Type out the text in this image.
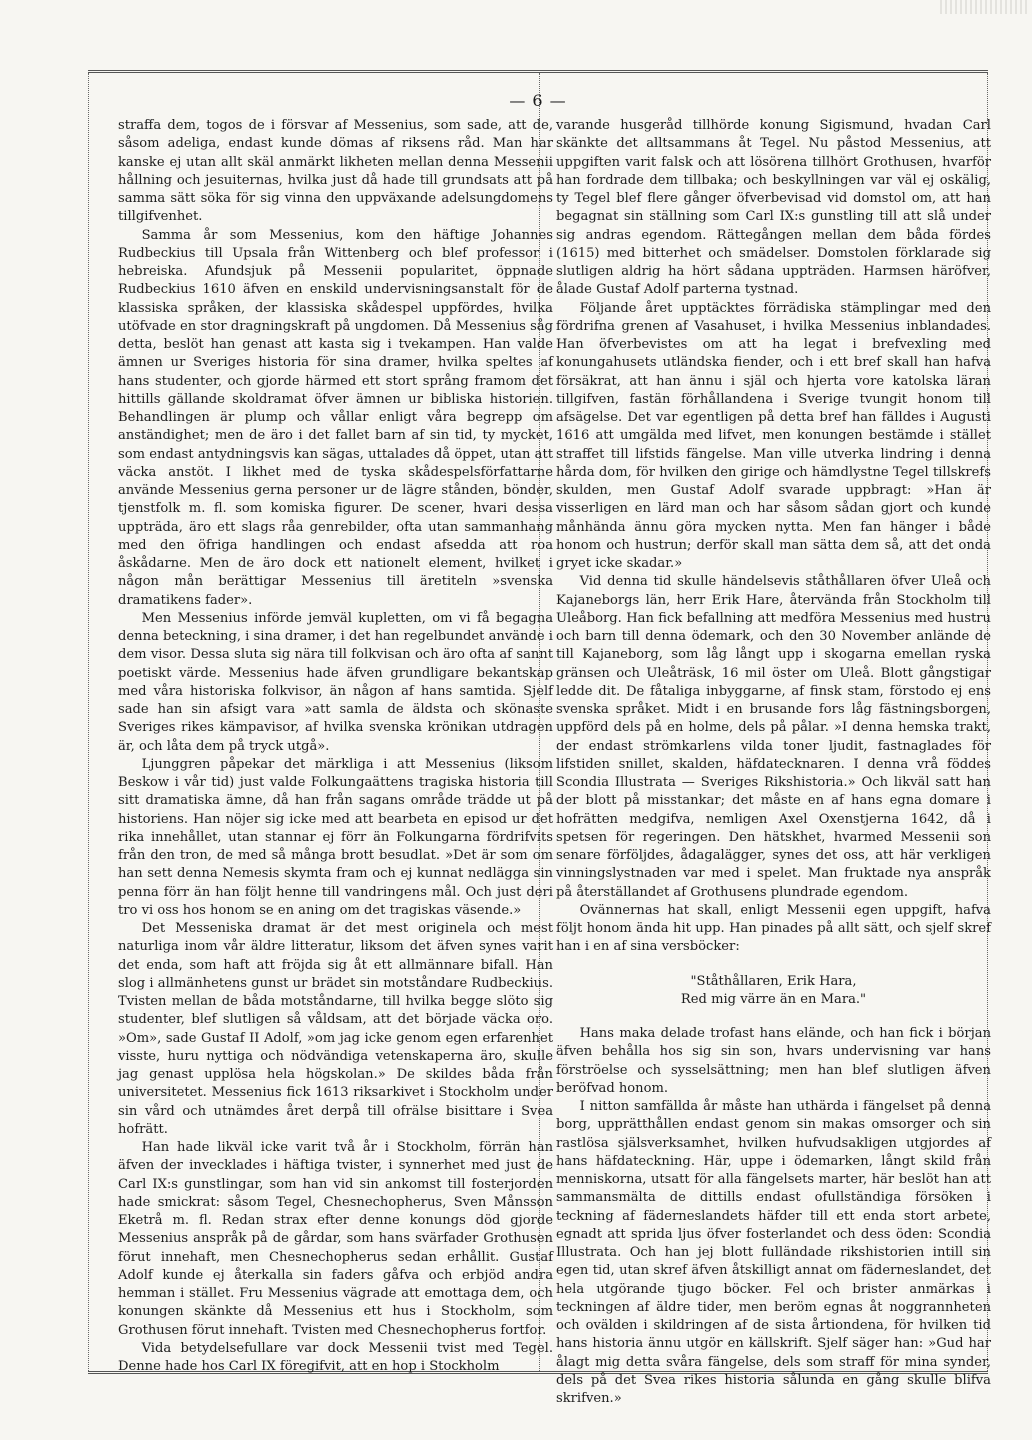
— 6 —

straffa dem, togos de i försvar af Messenius, som sade, att de, såsom adeliga, endast kunde dömas af riksens råd. Man har kanske ej utan allt skäl anmärkt likheten mellan denna Messenii hållning och jesuiternas, hvilka just då hade till grundsats att på samma sätt söka för sig vinna den uppväxande adelsungdomens tillgifvenhet.

Samma år som Messenius, kom den häftige Johannes Rudbeckius till Upsala från Wittenberg och blef professor i hebreiska. Afundsjuk på Messenii popularitet, öppnade Rudbeckius 1610 äfven en enskild undervisningsanstalt för de klassiska språken, der klassiska skådespel uppfördes, hvilka utöfvade en stor dragningskraft på ungdomen. Då Messenius såg detta, beslöt han genast att kasta sig i tvekampen. Han valde ämnen ur Sveriges historia för sina dramer, hvilka speltes af hans studenter, och gjorde härmed ett stort språng framom det hittills gällande skoldramat öfver ämnen ur bibliska historien. Behandlingen är plump och vållar enligt våra begrepp om anständighet; men de äro i det fallet barn af sin tid, ty mycket, som endast antydningsvis kan sägas, uttalades då öppet, utan att väcka anstöt. I likhet med de tyska skådespelsförfattarne använde Messenius gerna personer ur de lägre stånden, bönder, tjenstfolk m. fl. som komiska figurer. De scener, hvari dessa uppträda, äro ett slags råa genrebilder, ofta utan sammanhang med den öfriga handlingen och endast afsedda att roa åskådarne. Men de äro dock ett nationelt element, hvilket i någon mån berättigar Messenius till äretiteln »svenska dramatikens fader».

Men Messenius införde jemväl kupletten, om vi få begagna denna beteckning, i sina dramer, i det han regelbundet använde i dem visor. Dessa sluta sig nära till folkvisan och äro ofta af sannt poetiskt värde. Messenius hade äfven grundligare bekantskap med våra historiska folkvisor, än någon af hans samtida. Sjelf sade han sin afsigt vara »att samla de äldsta och skönaste Sveriges rikes kämpavisor, af hvilka svenska krönikan utdragen är, och låta dem på tryck utgå».

Ljunggren påpekar det märkliga i att Messenius (liksom Beskow i vår tid) just valde Folkungaättens tragiska historia till sitt dramatiska ämne, då han från sagans område trädde ut på historiens. Han nöjer sig icke med att bearbeta en episod ur det rika innehållet, utan stannar ej förr än Folkungarna fördrifvits från den tron, de med så många brott besudlat. »Det är som om han sett denna Nemesis skymta fram och ej kunnat nedlägga sin penna förr än han följt henne till vandringens mål. Och just deri tro vi oss hos honom se en aning om det tragiskas väsende.»

Det Messeniska dramat är det mest originela och mest naturliga inom vår äldre litteratur, liksom det äfven synes varit det enda, som haft att fröjda sig åt ett allmännare bifall. Han slog i allmänhetens gunst ur brädet sin motståndare Rudbeckius. Tvisten mellan de båda motståndarne, till hvilka begge slöto sig studenter, blef slutligen så våldsam, att det började väcka oro. »Om», sade Gustaf II Adolf, »om jag icke genom egen erfarenhet visste, huru nyttiga och nödvändiga vetenskaperna äro, skulle jag genast upplösa hela högskolan.» De skildes båda från universitetet. Messenius fick 1613 riksarkivet i Stockholm under sin vård och utnämdes året derpå till ofrälse bisittare i Svea hofrätt.

Han hade likväl icke varit två år i Stockholm, förrän han äfven der invecklades i häftiga tvister, i synnerhet med just de Carl IX:s gunstlingar, som han vid sin ankomst till fosterjorden hade smickrat: såsom Tegel, Chesnechopherus, Sven Månsson Eketrå m. fl. Redan strax efter denne konungs död gjorde Messenius anspråk på de gårdar, som hans svärfader Grothusen förut innehaft, men Chesnechopherus sedan erhållit. Gustaf Adolf kunde ej återkalla sin faders gåfva och erbjöd andra hemman i stället. Fru Messenius vägrade att emottaga dem, och konungen skänkte då Messenius ett hus i Stockholm, som Grothusen förut innehaft. Tvisten med Chesnechopherus fortfor.

Vida betydelsefullare var dock Messenii tvist med Tegel. Denne hade hos Carl IX föregifvit, att en hop i Stockholm

varande husgeråd tillhörde konung Sigismund, hvadan Carl skänkte det alltsammans åt Tegel. Nu påstod Messenius, att uppgiften varit falsk och att lösörena tillhört Grothusen, hvarför han fordrade dem tillbaka; och beskyllningen var väl ej oskälig, ty Tegel blef flere gånger öfverbevisad vid domstol om, att han begagnat sin ställning som Carl IX:s gunstling till att slå under sig andras egendom. Rättegången mellan dem båda fördes (1615) med bitterhet och smädelser. Domstolen förklarade sig slutligen aldrig ha hört sådana uppträden. Harmsen häröfver, ålade Gustaf Adolf parterna tystnad.

Följande året upptäcktes förrädiska stämplingar med den fördrifna grenen af Vasahuset, i hvilka Messenius inblandades. Han öfverbevistes om att ha legat i brefvexling med konungahusets utländska fiender, och i ett bref skall han hafva försäkrat, att han ännu i själ och hjerta vore katolska läran tillgifven, fastän förhållandena i Sverige tvungit honom till afsägelse. Det var egentligen på detta bref han fälldes i Augusti 1616 att umgälda med lifvet, men konungen bestämde i stället straffet till lifstids fängelse. Man ville utverka lindring i denna hårda dom, för hvilken den girige och hämdlystne Tegel tillskrefs skulden, men Gustaf Adolf svarade uppbragt: »Han är visserligen en lärd man och har såsom sådan gjort och kunde månhända ännu göra mycken nytta. Men fan hänger i både honom och hustrun; derför skall man sätta dem så, att det onda gryet icke skadar.»

Vid denna tid skulle händelsevis ståthållaren öfver Uleå och Kajaneborgs län, herr Erik Hare, återvända från Stockholm till Uleåborg. Han fick befallning att medföra Messenius med hustru och barn till denna ödemark, och den 30 November anlände de till Kajaneborg, som låg långt upp i skogarna emellan ryska gränsen och Uleåträsk, 16 mil öster om Uleå. Blott gångstigar ledde dit. De fåtaliga inbyggarne, af finsk stam, förstodo ej ens svenska språket. Midt i en brusande fors låg fästningsborgen, uppförd dels på en holme, dels på pålar. »I denna hemska trakt, der endast strömkarlens vilda toner ljudit, fastnaglades för lifstiden snillet, skalden, häfdatecknaren. I denna vrå föddes Scondia Illustrata — Sveriges Rikshistoria.» Och likväl satt han der blott på misstankar; det måste en af hans egna domare i hofrätten medgifva, nemligen Axel Oxenstjerna 1642, då i spetsen för regeringen. Den hätskhet, hvarmed Messenii son senare förföljdes, ådagalägger, synes det oss, att här verkligen vinningslystnaden var med i spelet. Man fruktade nya anspråk på återställandet af Grothusens plundrade egendom.

Ovännernas hat skall, enligt Messenii egen uppgift, hafva följt honom ända hit upp. Han pinades på allt sätt, och sjelf skref han i en af sina versböcker:

"Ståthållaren, Erik Hara,

Red mig värre än en Mara."

Hans maka delade trofast hans elände, och han fick i början äfven behålla hos sig sin son, hvars undervisning var hans förströelse och sysselsättning; men han blef slutligen äfven beröfvad honom.

I nitton samfällda år måste han uthärda i fängelset på denna borg, upprätthållen endast genom sin makas omsorger och sin rastlösa själsverksamhet, hvilken hufvudsakligen utgjordes af hans häfdateckning. Här, uppe i ödemarken, långt skild från menniskorna, utsatt för alla fängelsets marter, här beslöt han att sammansmälta de dittills endast ofullständiga försöken i teckning af fäderneslandets häfder till ett enda stort arbete, egnadt att sprida ljus öfver fosterlandet och dess öden: Scondia Illustrata. Och han jej blott fulländade rikshistorien intill sin egen tid, utan skref äfven åtskilligt annat om fäderneslandet, det hela utgörande tjugo böcker. Fel och brister anmärkas i teckningen af äldre tider, men beröm egnas åt noggrannheten och ovälden i skildringen af de sista årtiondena, för hvilken tid hans historia ännu utgör en källskrift. Sjelf säger han: »Gud har ålagt mig detta svåra fängelse, dels som straff för mina synder, dels på det Svea rikes historia sålunda en gång skulle blifva skrifven.»
